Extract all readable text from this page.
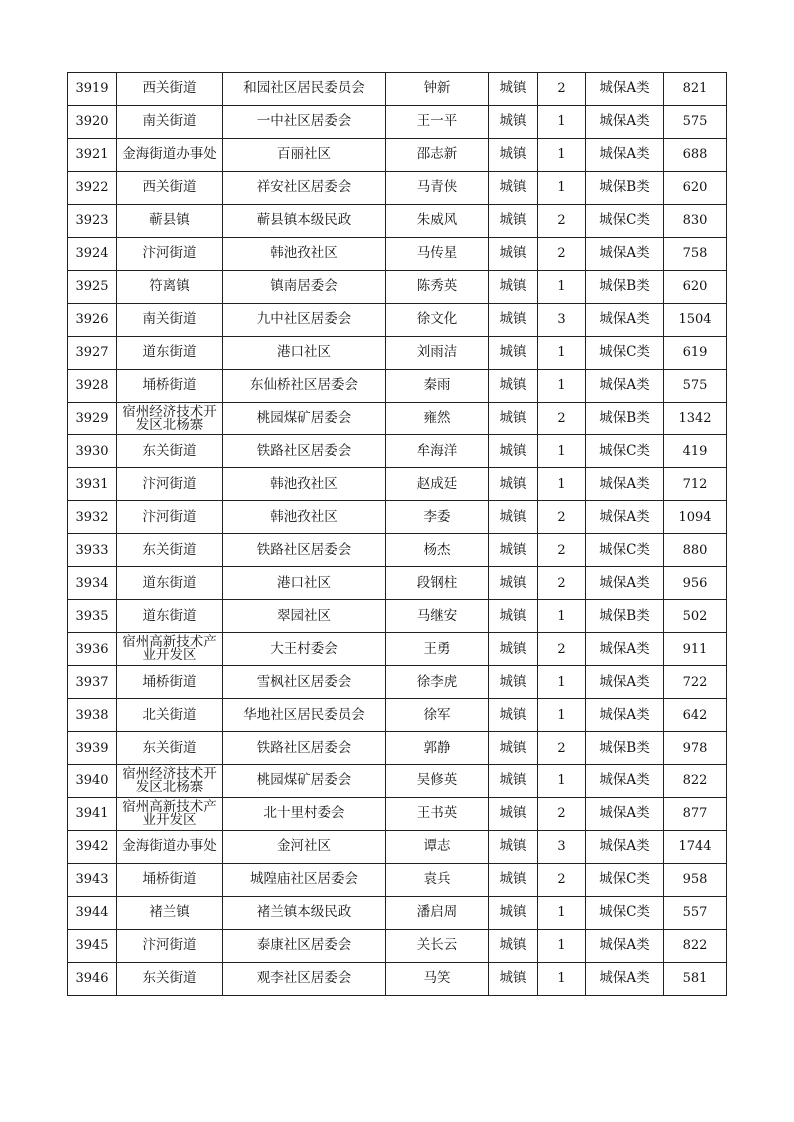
3919	西关街道	和园社区居民委员会	钟新	城镇	2	城保A类	821
3920	南关街道	一中社区居委会	王一平	城镇	1	城保A类	575
3921	金海街道办事处	百丽社区	邵志新	城镇	1	城保A类	688
3922	西关街道	祥安社区居委会	马青侠	城镇	1	城保B类	620
3923	蕲县镇	蕲县镇本级民政	朱威风	城镇	2	城保C类	830
3924	汴河街道	韩池孜社区	马传星	城镇	2	城保A类	758
3925	符离镇	镇南居委会	陈秀英	城镇	1	城保B类	620
3926	南关街道	九中社区居委会	徐文化	城镇	3	城保A类	1504
3927	道东街道	港口社区	刘雨洁	城镇	1	城保C类	619
3928	埇桥街道	东仙桥社区居委会	秦雨	城镇	1	城保A类	575
3929	宿州经济技术开发区北杨寨	桃园煤矿居委会	雍然	城镇	2	城保B类	1342
3930	东关街道	铁路社区居委会	牟海洋	城镇	1	城保C类	419
3931	汴河街道	韩池孜社区	赵成廷	城镇	1	城保A类	712
3932	汴河街道	韩池孜社区	李委	城镇	2	城保A类	1094
3933	东关街道	铁路社区居委会	杨杰	城镇	2	城保C类	880
3934	道东街道	港口社区	段钢柱	城镇	2	城保A类	956
3935	道东街道	翠园社区	马继安	城镇	1	城保B类	502
3936	宿州高新技术产业开发区	大王村委会	王勇	城镇	2	城保A类	911
3937	埇桥街道	雪枫社区居委会	徐李虎	城镇	1	城保A类	722
3938	北关街道	华地社区居民委员会	徐军	城镇	1	城保A类	642
3939	东关街道	铁路社区居委会	郭静	城镇	2	城保B类	978
3940	宿州经济技术开发区北杨寨	桃园煤矿居委会	吴修英	城镇	1	城保A类	822
3941	宿州高新技术产业开发区	北十里村委会	王书英	城镇	2	城保A类	877
3942	金海街道办事处	金河社区	谭志	城镇	3	城保A类	1744
3943	埇桥街道	城隍庙社区居委会	袁兵	城镇	2	城保C类	958
3944	褚兰镇	褚兰镇本级民政	潘启周	城镇	1	城保C类	557
3945	汴河街道	泰康社区居委会	关长云	城镇	1	城保A类	822
3946	东关街道	观李社区居委会	马笑	城镇	1	城保A类	581
